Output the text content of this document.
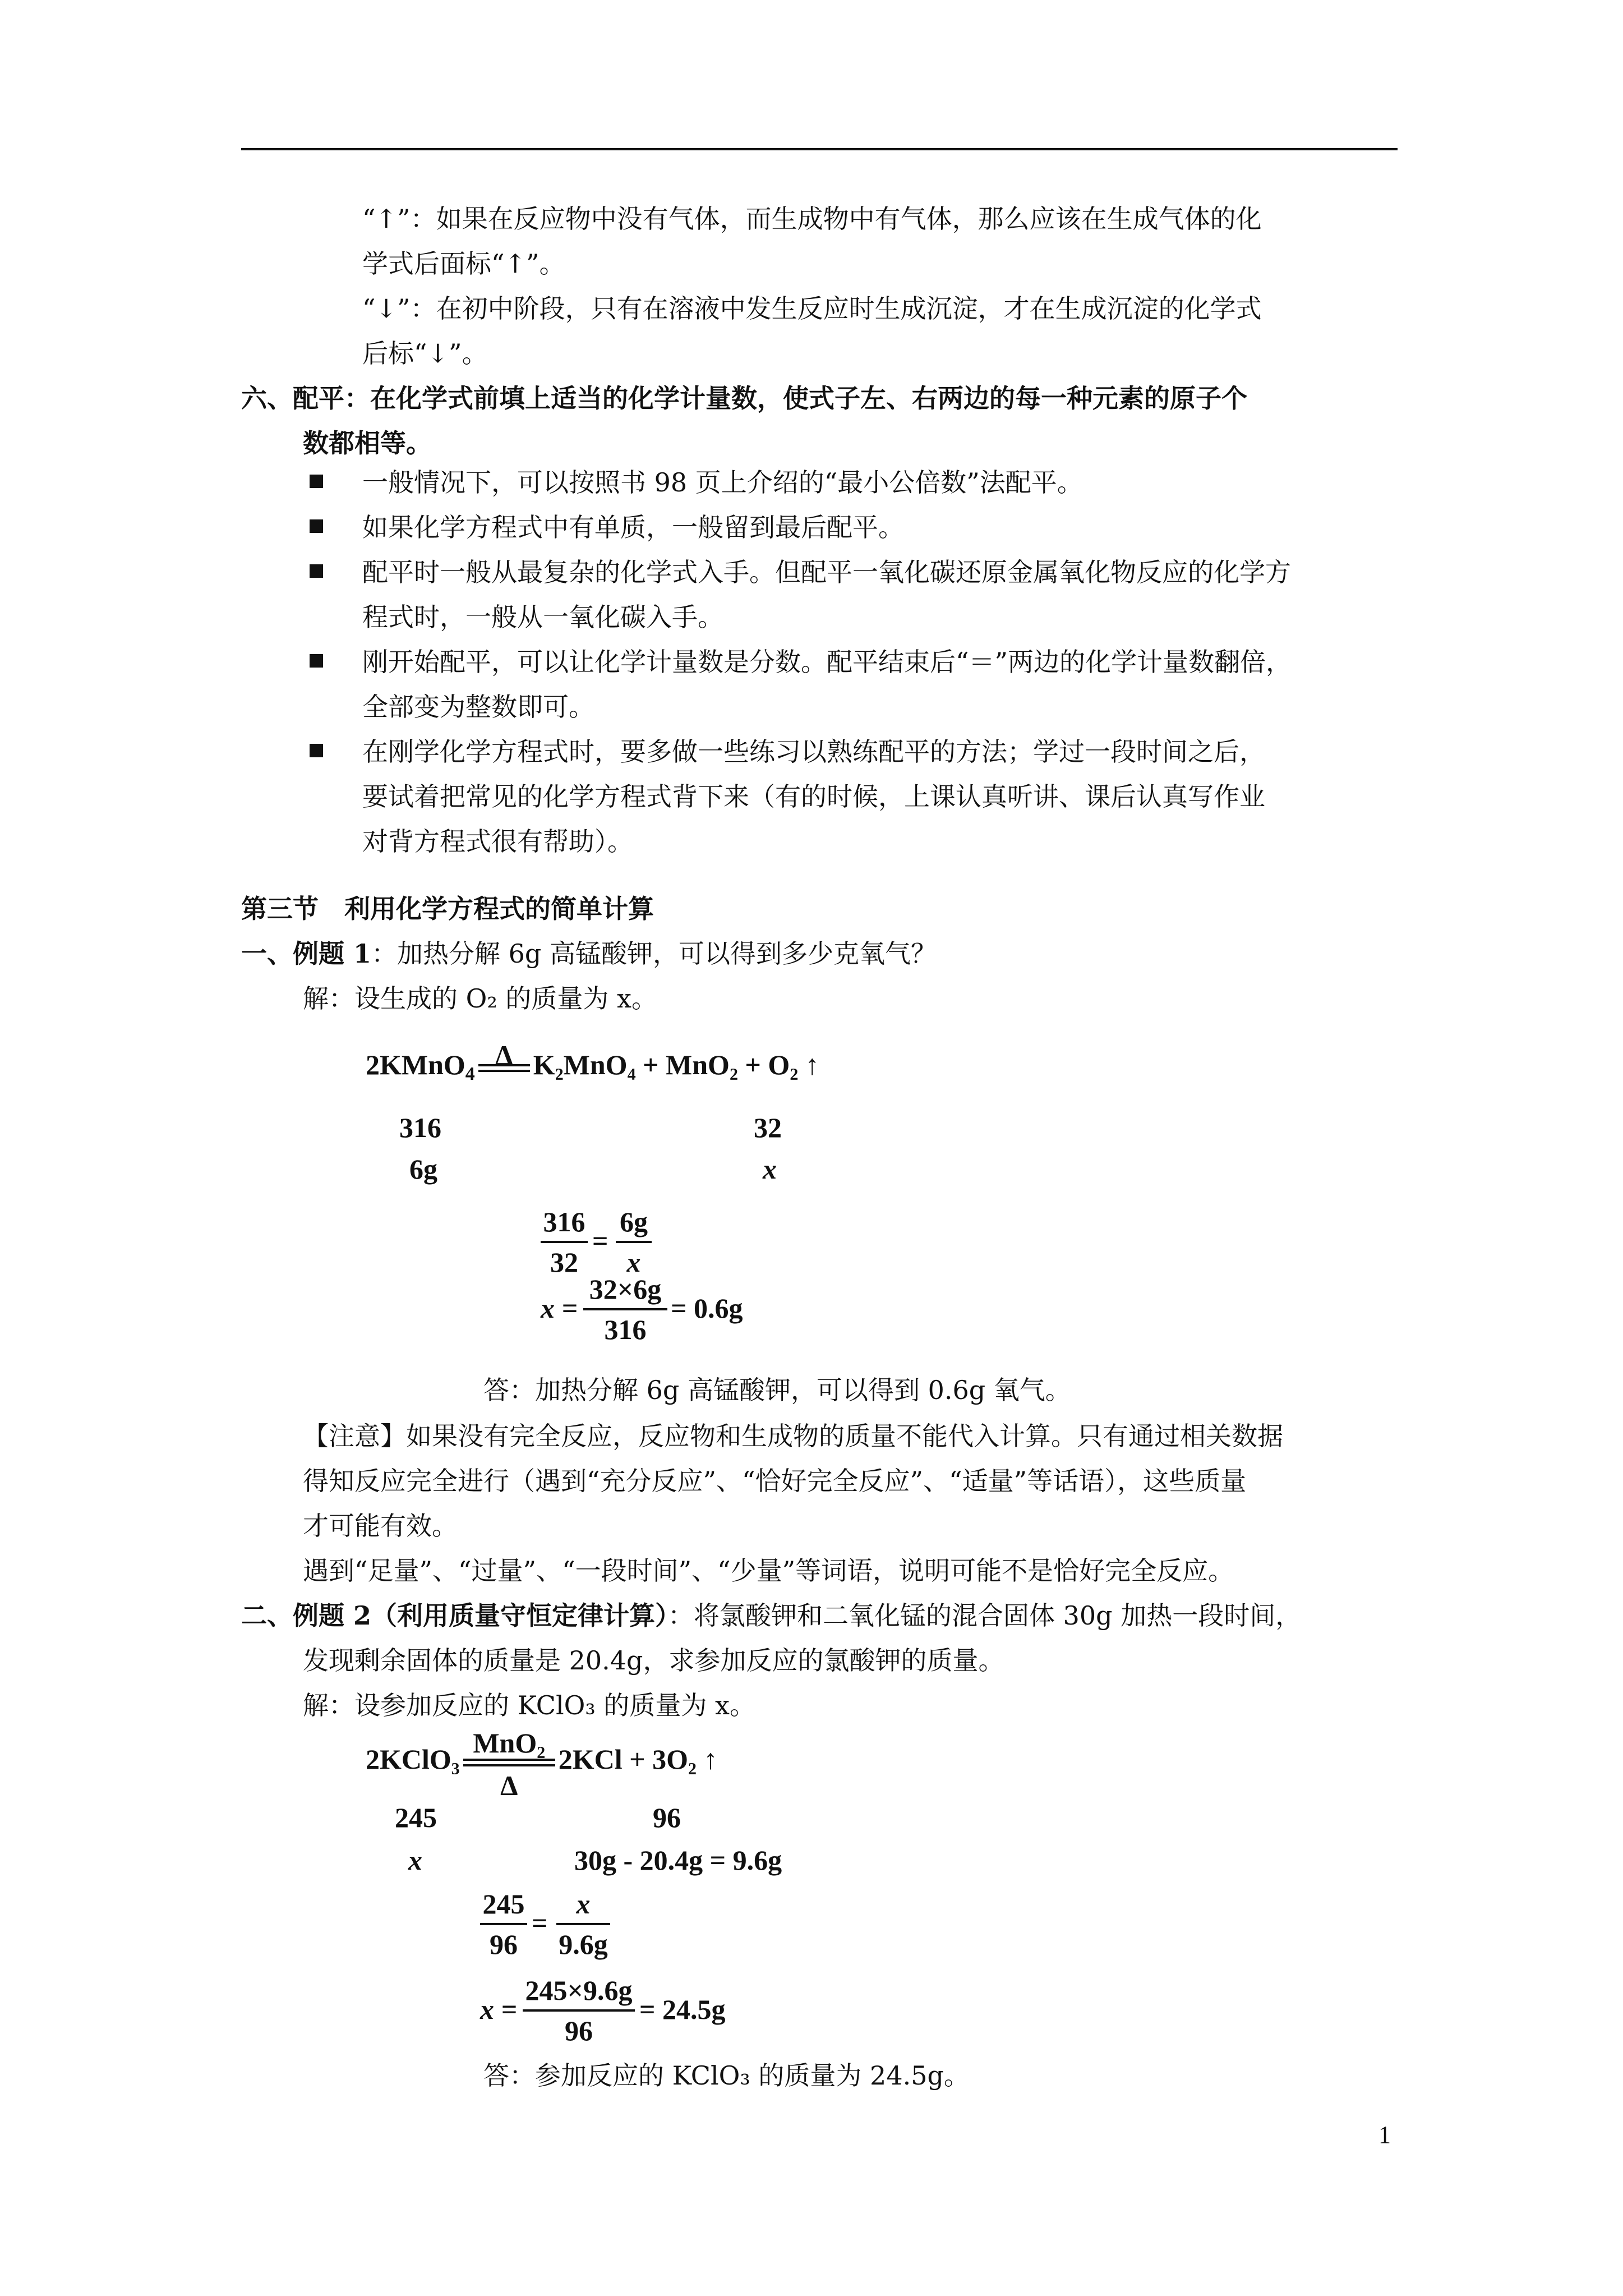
“↑”：如果在反应物中没有气体，而生成物中有气体，那么应该在生成气体的化
学式后面标“↑”。
“↓”：在初中阶段，只有在溶液中发生反应时生成沉淀，才在生成沉淀的化学式
后标“↓”。
六、配平：在化学式前填上适当的化学计量数，使式子左、右两边的每一种元素的原子个
数都相等。
一般情况下，可以按照书 98 页上介绍的“最小公倍数”法配平。
如果化学方程式中有单质，一般留到最后配平。
配平时一般从最复杂的化学式入手。但配平一氧化碳还原金属氧化物反应的化学方
程式时，一般从一氧化碳入手。
刚开始配平，可以让化学计量数是分数。配平结束后“＝”两边的化学计量数翻倍，
全部变为整数即可。
在刚学化学方程式时，要多做一些练习以熟练配平的方法；学过一段时间之后，
要试着把常见的化学方程式背下来（有的时候，上课认真听讲、课后认真写作业
对背方程式很有帮助）。
第三节　利用化学方程式的简单计算
一、例题 1：加热分解 6g 高锰酸钾，可以得到多少克氧气？
解：设生成的 O₂ 的质量为 x。
2KMnO$_4$
Δ K₂MnO₄ + MnO₂ + O₂ ↑
316	32
6g	x
316
32
=
6g
x
x =
32×6g
316
= 0.6g
答：加热分解 6g 高锰酸钾，可以得到 0.6g 氧气。
【注意】如果没有完全反应，反应物和生成物的质量不能代入计算。只有通过相关数据
得知反应完全进行（遇到“充分反应”、“恰好完全反应”、“适量”等话语），这些质量
才可能有效。
遇到“足量”、“过量”、“一段时间”、“少量”等词语，说明可能不是恰好完全反应。
二、例题 2（利用质量守恒定律计算）：将氯酸钾和二氧化锰的混合固体 30g 加热一段时间，
发现剩余固体的质量是 20.4g，求参加反应的氯酸钾的质量。
解：设参加反应的 KClO₃ 的质量为 x。
2KClO₃
MnO₂
Δ
2KCl + 3O₂ ↑
245	96
x	30g - 20.4g = 9.6g
245
96
=
x
9.6g
x =
245×9.6g
96
= 24.5g
答：参加反应的 KClO₃ 的质量为 24.5g。
1
